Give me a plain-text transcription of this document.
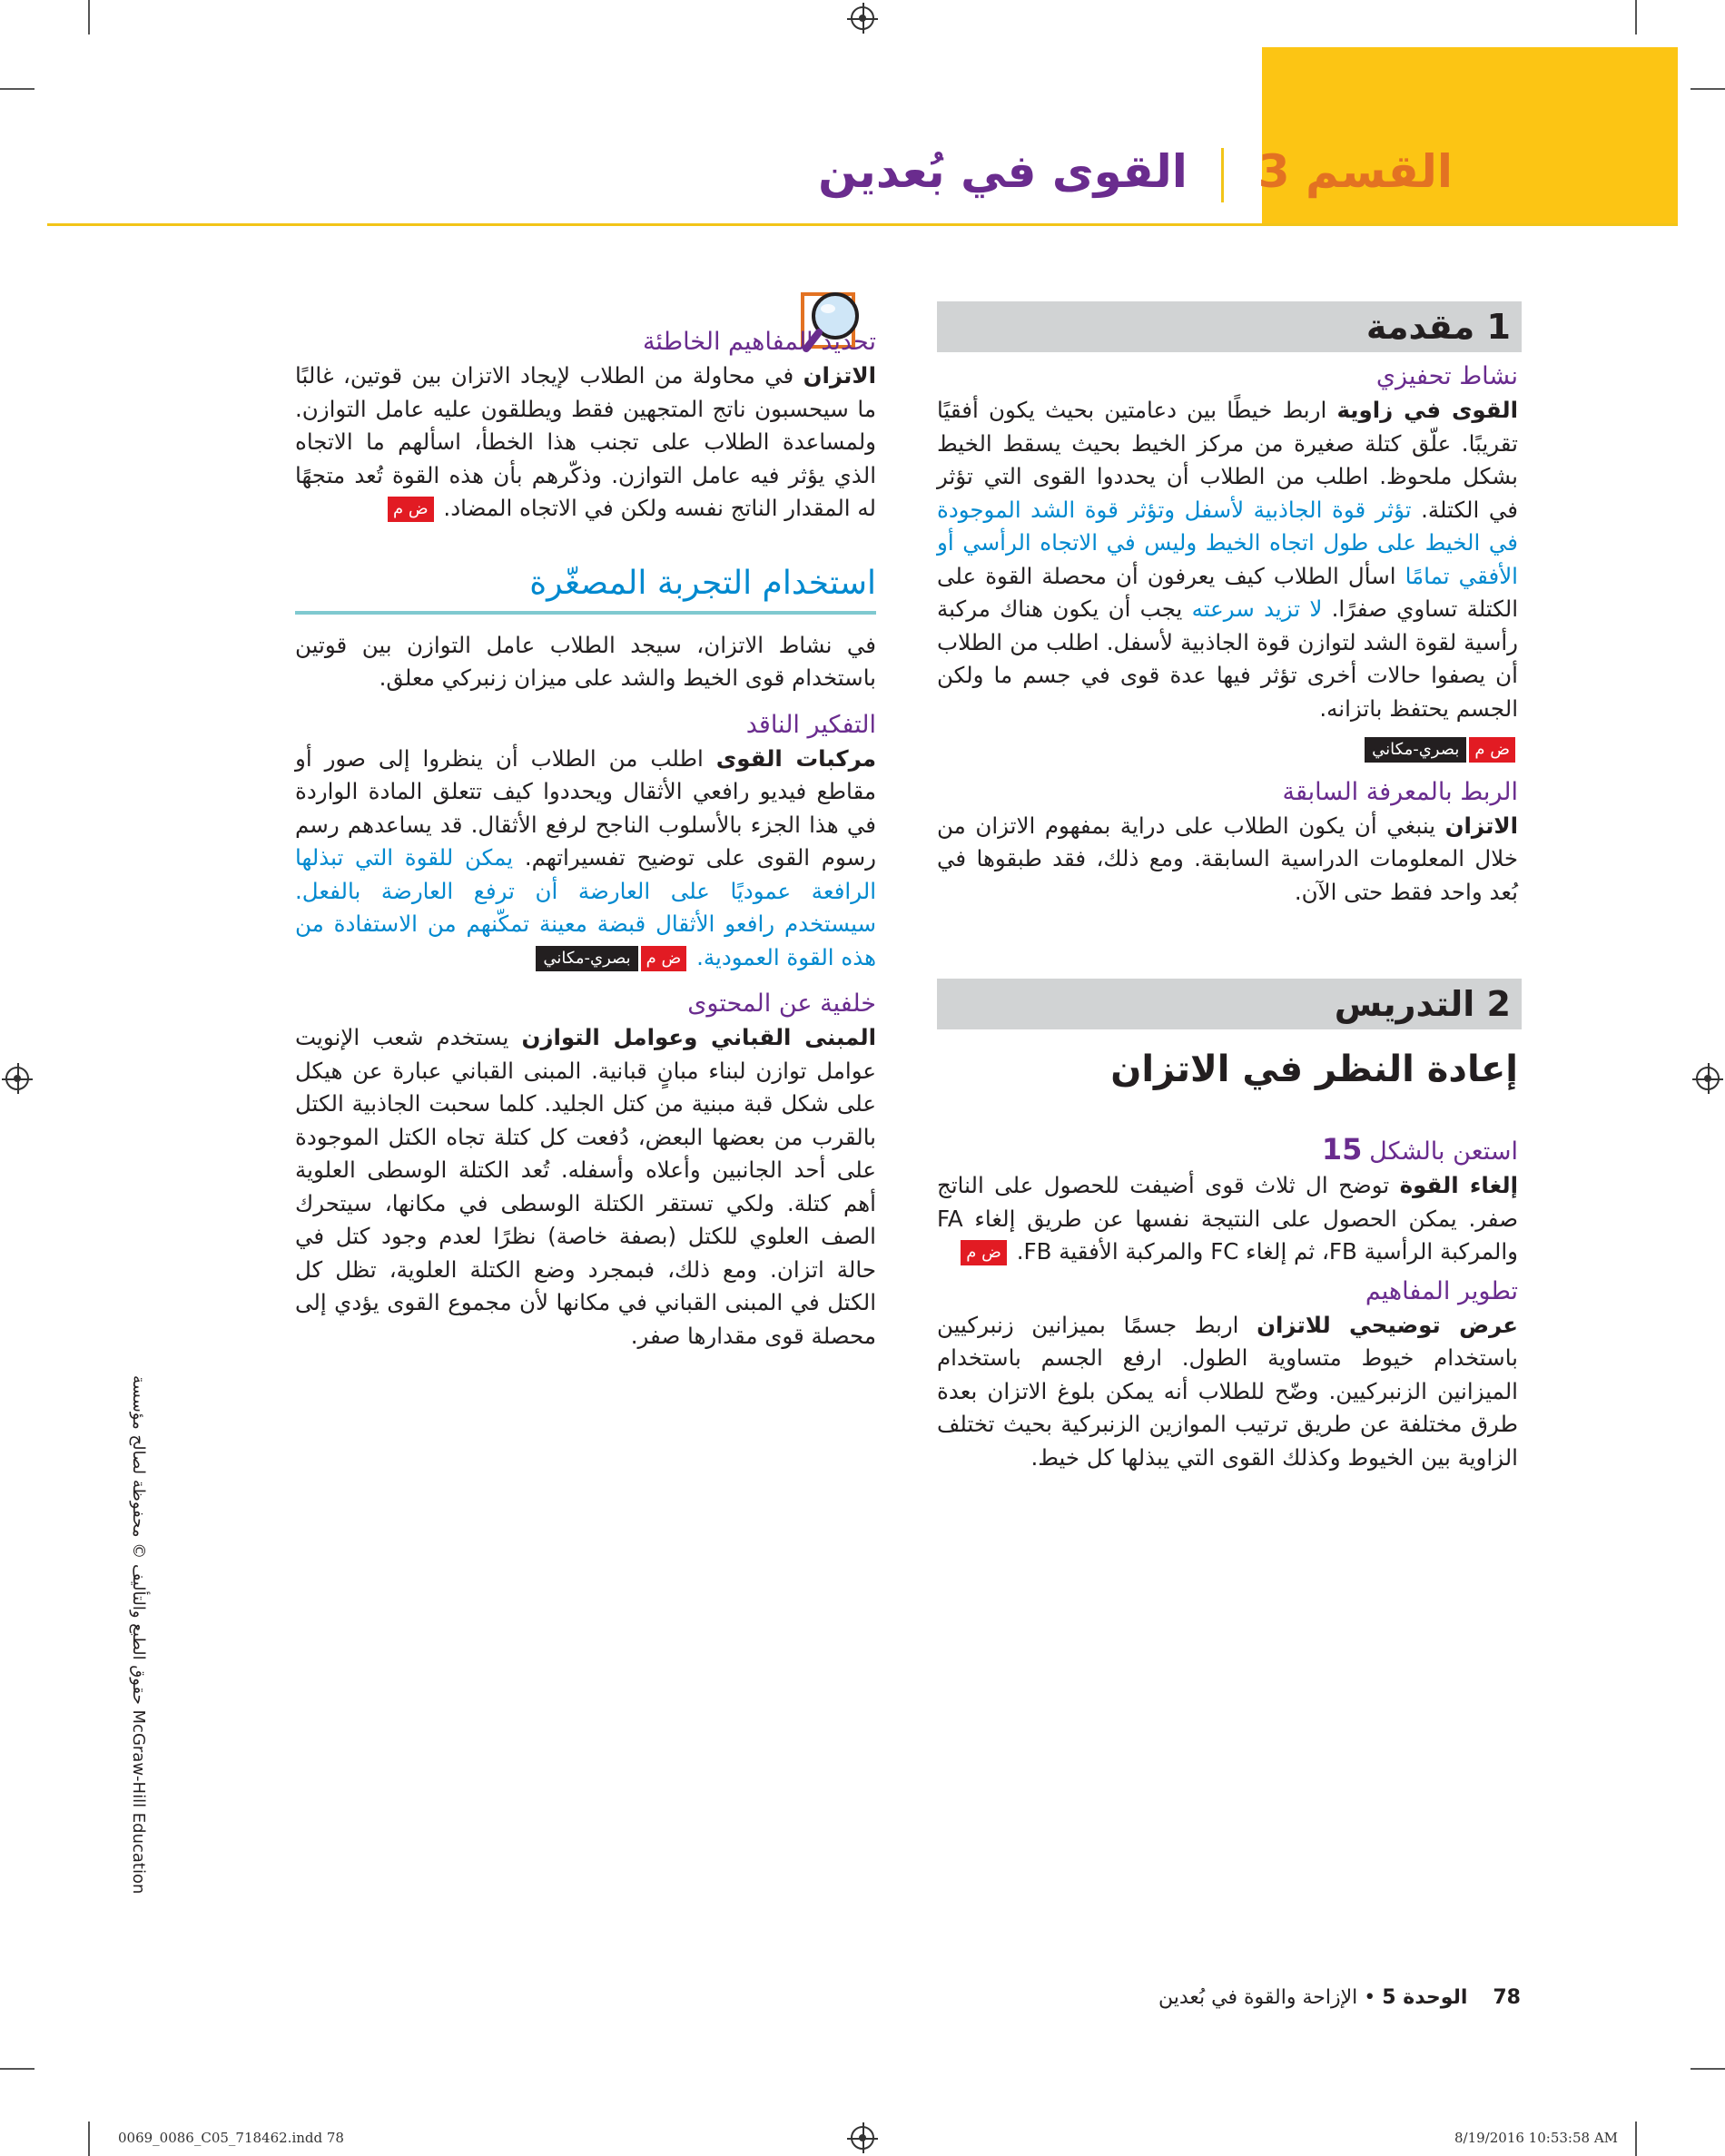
القسم 3  القوى في بُعدين
1 مقدمة

نشاط تحفيزي

القوى في زاوية اربط خيطًا بين دعامتين بحيث يكون أفقيًا تقريبًا. علّق كتلة صغيرة من مركز الخيط بحيث يسقط الخيط بشكل ملحوظ. اطلب من الطلاب أن يحددوا القوى التي تؤثر في الكتلة. تؤثر قوة الجاذبية لأسفل وتؤثر قوة الشد الموجودة في الخيط على طول اتجاه الخيط وليس في الاتجاه الرأسي أو الأفقي تمامًا اسأل الطلاب كيف يعرفون أن محصلة القوة على الكتلة تساوي صفرًا. لا تزيد سرعته يجب أن يكون هناك مركبة رأسية لقوة الشد لتوازن قوة الجاذبية لأسفل. اطلب من الطلاب أن يصفوا حالات أخرى تؤثر فيها عدة قوى في جسم ما ولكن الجسم يحتفظ باتزانه.

ض مبصري-مكاني

الربط بالمعرفة السابقة

الاتزان ينبغي أن يكون الطلاب على دراية بمفهوم الاتزان من خلال المعلومات الدراسية السابقة. ومع ذلك، فقد طبقوها في بُعد واحد فقط حتى الآن.

2 التدريس

إعادة النظر في الاتزان

استعن بالشكل 15

إلغاء القوة توضح ال ثلاث قوى أضيفت للحصول على الناتج صفر. يمكن الحصول على النتيجة نفسها عن طريق إلغاء FA والمركبة الرأسية FB، ثم إلغاء FC والمركبة الأفقية FB. ض م

تطوير المفاهيم

عرض توضيحي للاتزان اربط جسمًا بميزانين زنبركيين باستخدام خيوط متساوية الطول. ارفع الجسم باستخدام الميزانين الزنبركيين. وضّح للطلاب أنه يمكن بلوغ الاتزان بعدة طرق مختلفة عن طريق ترتيب الموازين الزنبركية بحيث تختلف الزاوية بين الخيوط وكذلك القوى التي يبذلها كل خيط.

تحديد المفاهيم الخاطئة

الاتزان في محاولة من الطلاب لإيجاد الاتزان بين قوتين، غالبًا ما سيحسبون ناتج المتجهين فقط ويطلقون عليه عامل التوازن. ولمساعدة الطلاب على تجنب هذا الخطأ، اسألهم ما الاتجاه الذي يؤثر فيه عامل التوازن. وذكّرهم بأن هذه القوة تُعد متجهًا له المقدار الناتج نفسه ولكن في الاتجاه المضاد. ض م

استخدام التجربة المصغّرة

في نشاط الاتزان، سيجد الطلاب عامل التوازن بين قوتين باستخدام قوى الخيط والشد على ميزان زنبركي معلق.

التفكير الناقد

مركبات القوى اطلب من الطلاب أن ينظروا إلى صور أو مقاطع فيديو رافعي الأثقال ويحددوا كيف تتعلق المادة الواردة في هذا الجزء بالأسلوب الناجح لرفع الأثقال. قد يساعدهم رسم رسوم القوى على توضيح تفسيراتهم. يمكن للقوة التي تبذلها الرافعة عموديًا على العارضة أن ترفع العارضة بالفعل. سيستخدم رافعو الأثقال قبضة معينة تمكّنهم من الاستفادة من هذه القوة العمودية. ض مبصري-مكاني

خلفية عن المحتوى

المبنى القباني وعوامل التوازن يستخدم شعب الإنويت عوامل توازن لبناء مبانٍ قبانية. المبنى القباني عبارة عن هيكل على شكل قبة مبنية من كتل الجليد. كلما سحبت الجاذبية الكتل بالقرب من بعضها البعض، دُفعت كل كتلة تجاه الكتل الموجودة على أحد الجانبين وأعلاه وأسفله. تُعد الكتلة الوسطى العلوية أهم كتلة. ولكي تستقر الكتلة الوسطى في مكانها، سيتحرك الصف العلوي للكتل (بصفة خاصة) نظرًا لعدم وجود كتل في حالة اتزان. ومع ذلك، فبمجرد وضع الكتلة العلوية، تظل كل الكتل في المبنى القباني في مكانها لأن مجموع القوى يؤدي إلى محصلة قوى مقدارها صفر.

حقوق الطبع والتأليف © محفوظة لصالح مؤسسة McGraw-Hill Education
78  الوحدة 5 • الإزاحة والقوة في بُعدين
0069_0086_C05_718462.indd 78	8/19/2016 10:53:58 AM
